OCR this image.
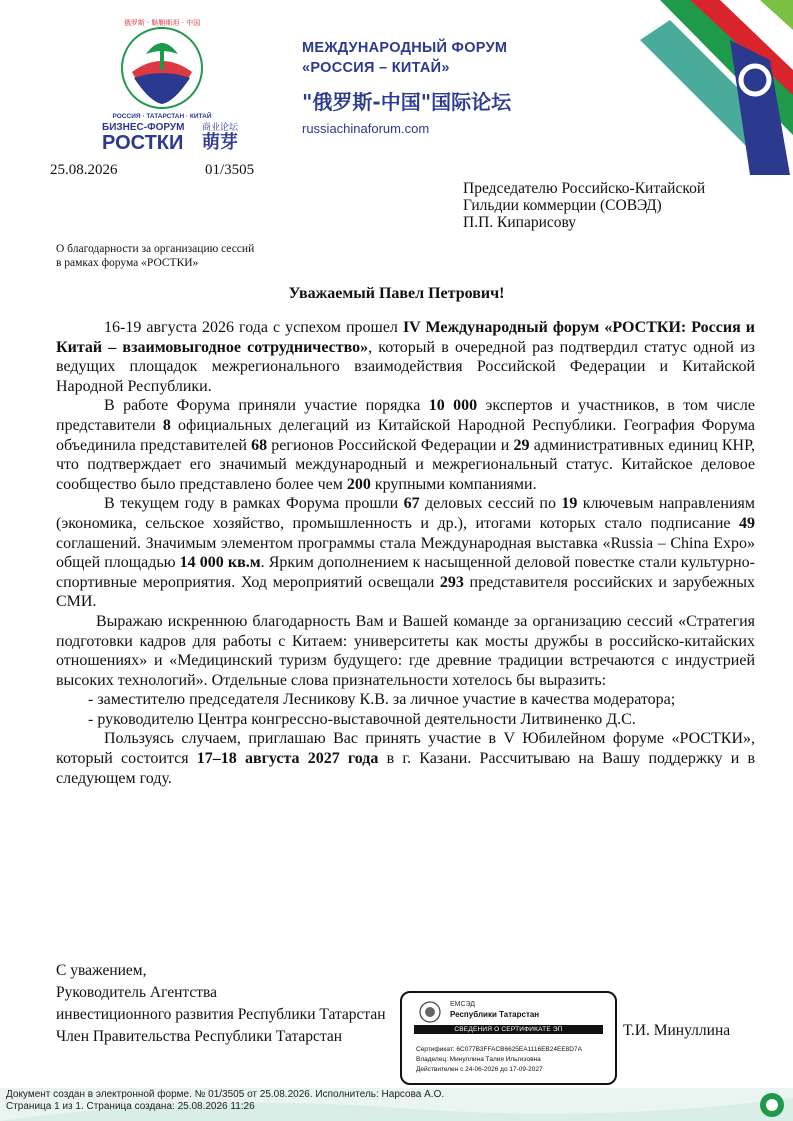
俄罗斯 · 鞑靼斯坦 · 中国
РОССИЯ · ТАТАРСТАН · КИТАЙ
БИЗНЕС-ФОРУМ 商业论坛
РОСТКИ 萌芽
МЕЖДУНАРОДНЫЙ ФОРУМ
«РОССИЯ – КИТАЙ»
"俄罗斯-中国"国际论坛
russiachinaforum.com
25.08.2026	01/3505
Председателю Российско-Китайской
Гильдии коммерции (СОВЭД)
П.П. Кипарисову
О благодарности за организацию сессий
в рамках форума «РОСТКИ»
Уважаемый Павел Петрович!

16-19 августа 2026 года с успехом прошел IV Международный форум «РОСТКИ: Россия и Китай – взаимовыгодное сотрудничество», который в очередной раз подтвердил статус одной из ведущих площадок межрегионального взаимодействия Российской Федерации и Китайской Народной Республики.

В работе Форума приняли участие порядка 10 000 экспертов и участников, в том числе представители 8 официальных делегаций из Китайской Народной Республики. География Форума объединила представителей 68 регионов Российской Федерации и 29 административных единиц КНР, что подтверждает его значимый международный и межрегиональный статус. Китайское деловое сообщество было представлено более чем 200 крупными компаниями.

В текущем году в рамках Форума прошли 67 деловых сессий по 19 ключевым направлениям (экономика, сельское хозяйство, промышленность и др.), итогами которых стало подписание 49 соглашений. Значимым элементом программы стала Международная выставка «Russia – China Expo» общей площадью 14 000 кв.м. Ярким дополнением к насыщенной деловой повестке стали культурно-спортивные мероприятия. Ход мероприятий освещали 293 представителя российских и зарубежных СМИ.

Выражаю искреннюю благодарность Вам и Вашей команде за организацию сессий «Стратегия подготовки кадров для работы с Китаем: университеты как мосты дружбы в российско-китайских отношениях» и «Медицинский туризм будущего: где древние традиции встречаются с индустрией высоких технологий». Отдельные слова признательности хотелось бы выразить:

- заместителю председателя Лесникову К.В. за личное участие в качества модератора;

- руководителю Центра конгрессно-выставочной деятельности Литвиненко Д.С.

Пользуясь случаем, приглашаю Вас принять участие в V Юбилейном форуме «РОСТКИ», который состоится 17–18 августа 2027 года в г. Казани. Рассчитываю на Вашу поддержку и в следующем году.

С уважением,
Руководитель Агентства
инвестиционного развития Республики Татарстан
Член Правительства Республики Татарстан	Т.И. Минуллина
ЕМСЭД
Республики Татарстан
СВЕДЕНИЯ О СЕРТИФИКАТЕ ЭП
Сертификат: 6C077B3FFACB6625EA1116EB24EE8D7A
Владелец: Минуллина Талия Ильгизовна
Действителен с 24-06-2026 до 17-09-2027
Документ создан в электронной форме. № 01/3505 от 25.08.2026. Исполнитель: Нарсова А.О.
Страница 1 из 1. Страница создана: 25.08.2026 11:26
